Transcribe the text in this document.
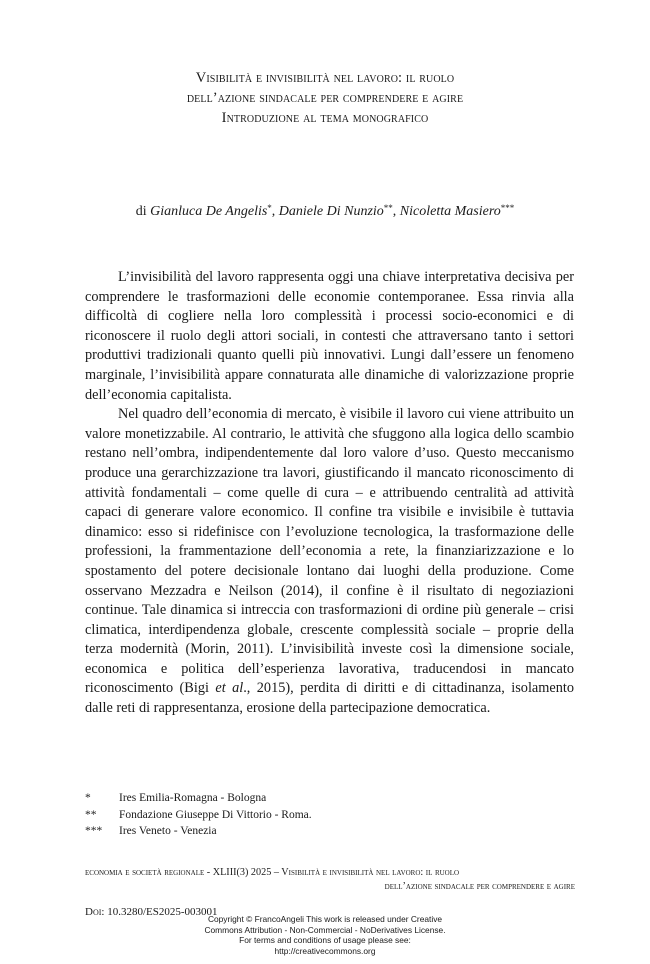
Visibilità e invisibilità nel lavoro: il ruolo
dell’azione sindacale per comprendere e agire
Introduzione al tema monografico
di Gianluca De Angelis*, Daniele Di Nunzio**, Nicoletta Masiero***

L’invisibilità del lavoro rappresenta oggi una chiave interpretativa decisiva per comprendere le trasformazioni delle economie contemporanee. Essa rinvia alla difficoltà di cogliere nella loro complessità i processi socio-economici e di riconoscere il ruolo degli attori sociali, in contesti che attraversano tanto i settori produttivi tradizionali quanto quelli più innovativi. Lungi dall’essere un fenomeno marginale, l’invisibilità appare connaturata alle dinamiche di valorizzazione proprie dell’economia capitalista.

Nel quadro dell’economia di mercato, è visibile il lavoro cui viene attribuito un valore monetizzabile. Al contrario, le attività che sfuggono alla logica dello scambio restano nell’ombra, indipendentemente dal loro valore d’uso. Questo meccanismo produce una gerarchizzazione tra lavori, giustificando il mancato riconoscimento di attività fondamentali – come quelle di cura – e attribuendo centralità ad attività capaci di generare valore economico. Il confine tra visibile e invisibile è tuttavia dinamico: esso si ridefinisce con l’evoluzione tecnologica, la trasformazione delle professioni, la frammentazione dell’economia a rete, la finanziarizzazione e lo spostamento del potere decisionale lontano dai luoghi della produzione. Come osservano Mezzadra e Neilson (2014), il confine è il risultato di negoziazioni continue. Tale dinamica si intreccia con trasformazioni di ordine più generale – crisi climatica, interdipendenza globale, crescente complessità sociale – proprie della terza modernità (Morin, 2011). L’invisibilità investe così la dimensione sociale, economica e politica dell’esperienza lavorativa, traducendosi in mancato riconoscimento (Bigi et al., 2015), perdita di diritti e di cittadinanza, isolamento dalle reti di rappresentanza, erosione della partecipazione democratica.

*	Ires Emilia-Romagna - Bologna
**	Fondazione Giuseppe Di Vittorio - Roma.
***	Ires Veneto - Venezia
economia e società regionale - XLIII(3) 2025 – Visibilità e invisibilità nel lavoro: il ruolo
dell’azione sindacale per comprendere e agire
Doi: 10.3280/ES2025-003001
Copyright © FrancoAngeli This work is released under Creative
Commons Attribution - Non-Commercial - NoDerivatives License.
For terms and conditions of usage please see:
http://creativecommons.org
